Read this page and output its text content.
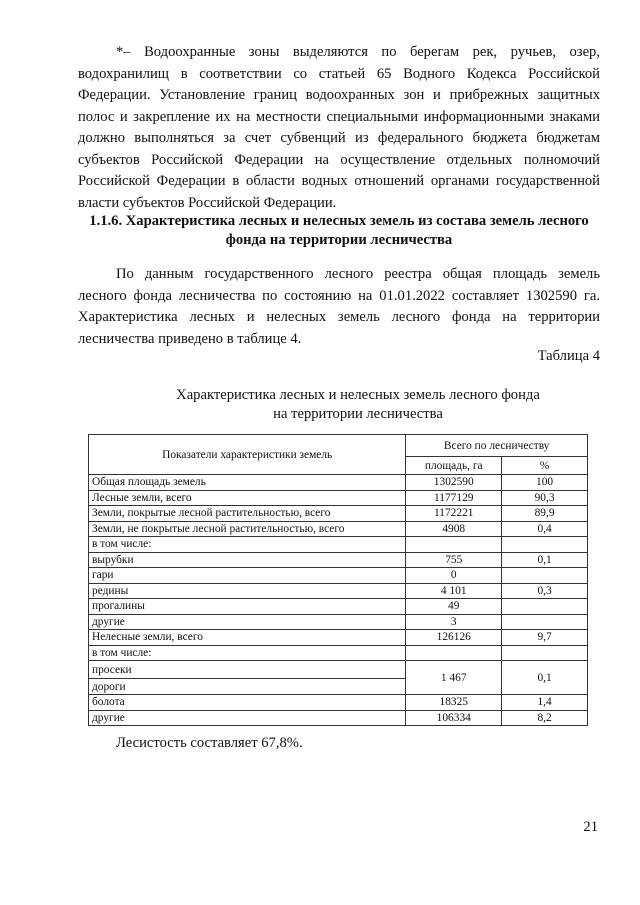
*– Водоохранные зоны выделяются по берегам рек, ручьев, озер, водохранилищ в соответствии со статьей 65 Водного Кодекса Российской Федерации. Установление границ водоохранных зон и прибрежных защитных полос и закрепление их на местности специальными информационными знаками должно выполняться за счет субвенций из федерального бюджета бюджетам субъектов Российской Федерации на осуществление отдельных полномочий Российской Федерации в области водных отношений органами государственной власти субъектов Российской Федерации.

1.1.6. Характеристика лесных и нелесных земель из состава земель лесного фонда на территории лесничества

По данным государственного лесного реестра общая площадь земель лесного фонда лесничества по состоянию на 01.01.2022 составляет 1302590 га. Характеристика лесных и нелесных земель лесного фонда на территории лесничества приведено в таблице 4.

Таблица 4
Характеристика лесных и нелесных земель лесного фонда
на территории лесничества
Показатели характеристики земель	Всего по лесничеству	
	площадь, га	%
Общая площадь земель	1302590	100
Лесные земли, всего	1177129	90,3
Земли, покрытые лесной растительностью, всего	1172221	89,9
Земли, не покрытые лесной растительностью, всего	4908	0,4
в том числе:		
вырубки	755	0,1
гари	0	
редины	4 101	0,3
прогалины	49	
другие	3	
Нелесные земли, всего	126126	9,7
в том числе:		
просеки	1 467	0,1
дороги		
болота	18325	1,4
другие	106334	8,2
Лесистость составляет 67,8%.
21
